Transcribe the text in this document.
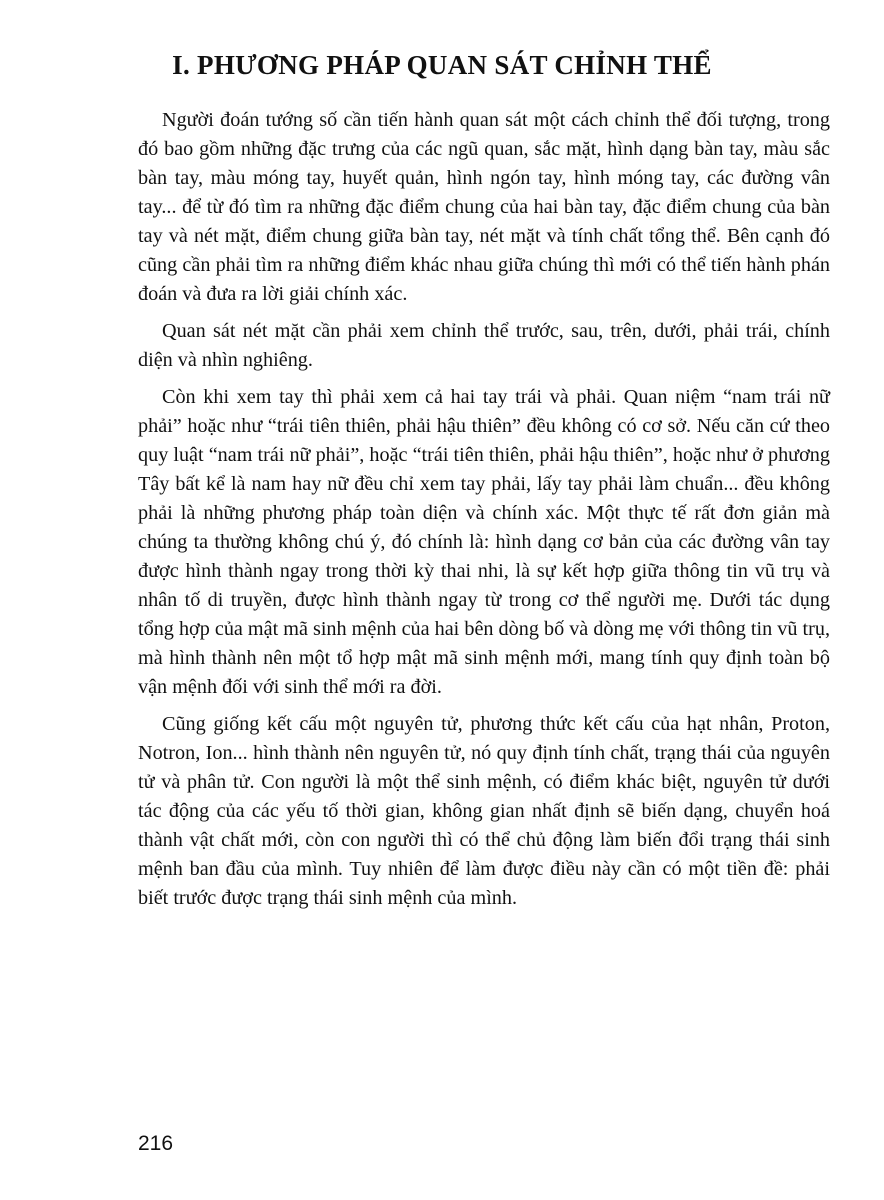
I. PHƯƠNG PHÁP QUAN SÁT CHỈNH THỂ

Người đoán tướng số cần tiến hành quan sát một cách chỉnh thể đối tượng, trong đó bao gồm những đặc trưng của các ngũ quan, sắc mặt, hình dạng bàn tay, màu sắc bàn tay, màu móng tay, huyết quản, hình ngón tay, hình móng tay, các đường vân tay... để từ đó tìm ra những đặc điểm chung của hai bàn tay, đặc điểm chung của bàn tay và nét mặt, điểm chung giữa bàn tay, nét mặt và tính chất tổng thể. Bên cạnh đó cũng cần phải tìm ra những điểm khác nhau giữa chúng thì mới có thể tiến hành phán đoán và đưa ra lời giải chính xác.

Quan sát nét mặt cần phải xem chỉnh thể trước, sau, trên, dưới, phải trái, chính diện và nhìn nghiêng.

Còn khi xem tay thì phải xem cả hai tay trái và phải. Quan niệm “nam trái nữ phải” hoặc như “trái tiên thiên, phải hậu thiên” đều không có cơ sở. Nếu căn cứ theo quy luật “nam trái nữ phải”, hoặc “trái tiên thiên, phải hậu thiên”, hoặc như ở phương Tây bất kể là nam hay nữ đều chỉ xem tay phải, lấy tay phải làm chuẩn... đều không phải là những phương pháp toàn diện và chính xác. Một thực tế rất đơn giản mà chúng ta thường không chú ý, đó chính là: hình dạng cơ bản của các đường vân tay được hình thành ngay trong thời kỳ thai nhi, là sự kết hợp giữa thông tin vũ trụ và nhân tố di truyền, được hình thành ngay từ trong cơ thể người mẹ. Dưới tác dụng tổng hợp của mật mã sinh mệnh của hai bên dòng bố và dòng mẹ với thông tin vũ trụ, mà hình thành nên một tổ hợp mật mã sinh mệnh mới, mang tính quy định toàn bộ vận mệnh đối với sinh thể mới ra đời.

Cũng giống kết cấu một nguyên tử, phương thức kết cấu của hạt nhân, Proton, Notron, Ion... hình thành nên nguyên tử, nó quy định tính chất, trạng thái của nguyên tử và phân tử. Con người là một thể sinh mệnh, có điểm khác biệt, nguyên tử dưới tác động của các yếu tố thời gian, không gian nhất định sẽ biến dạng, chuyển hoá thành vật chất mới, còn con người thì có thể chủ động làm biến đổi trạng thái sinh mệnh ban đầu của mình. Tuy nhiên để làm được điều này cần có một tiền đề: phải biết trước được trạng thái sinh mệnh của mình.

216
